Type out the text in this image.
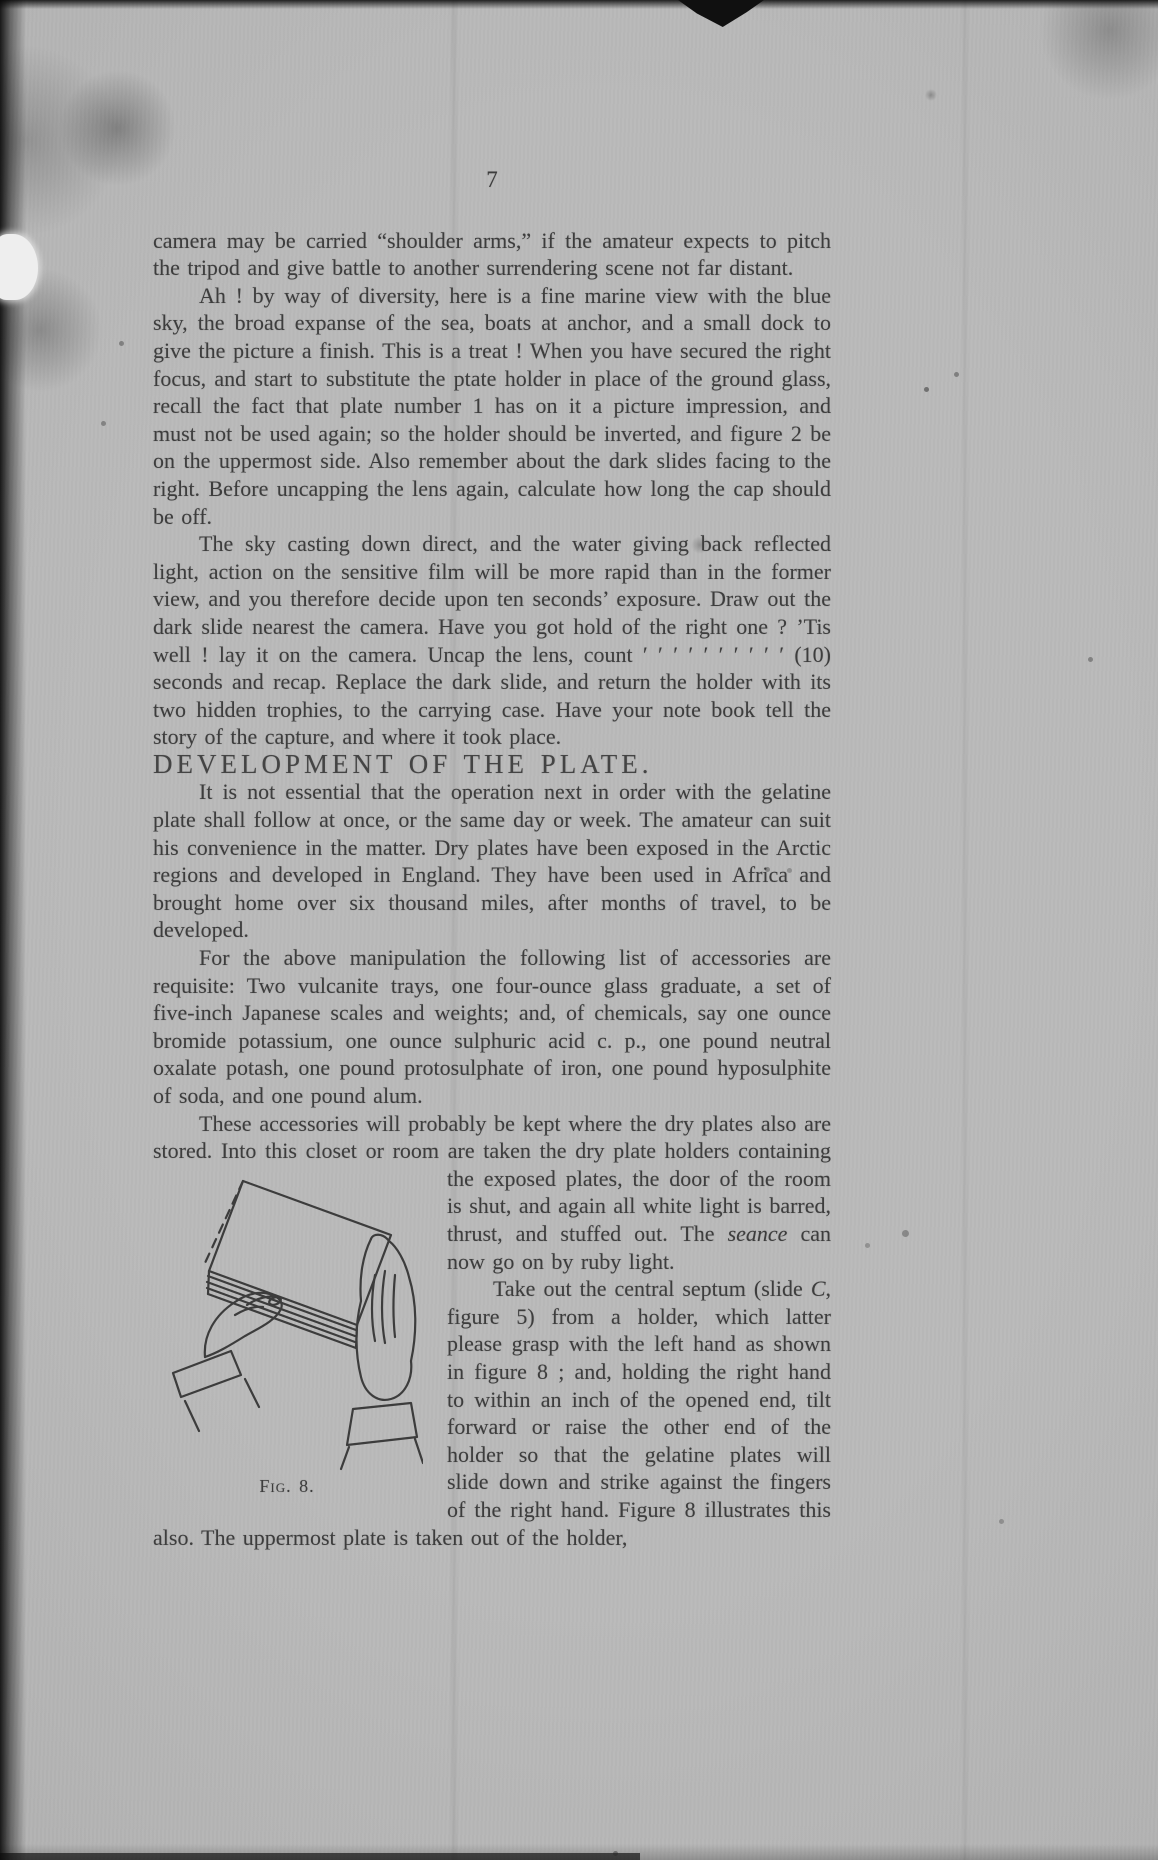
7

camera may be carried “shoulder arms,” if the amateur expects to pitch the tripod and give battle to another surrendering scene not far distant.

Ah ! by way of diversity, here is a fine marine view with the blue sky, the broad expanse of the sea, boats at anchor, and a small dock to give the picture a finish. This is a treat ! When you have secured the right focus, and start to substitute the ptate holder in place of the ground glass, recall the fact that plate number 1 has on it a picture impression, and must not be used again; so the holder should be inverted, and figure 2 be on the uppermost side. Also remember about the dark slides facing to the right. Before uncapping the lens again, calculate how long the cap should be off.

The sky casting down direct, and the water giving back reflected light, action on the sensitive film will be more rapid than in the former view, and you therefore decide upon ten seconds’ exposure. Draw out the dark slide nearest the camera. Have you got hold of the right one ? ’Tis well ! lay it on the camera. Uncap the lens, count ′ ′ ′ ′ ′ ′ ′ ′ ′ ′ (10) seconds and recap. Replace the dark slide, and return the holder with its two hidden trophies, to the carrying case. Have your note book tell the story of the capture, and where it took place.

DEVELOPMENT OF THE PLATE.

It is not essential that the operation next in order with the gelatine plate shall follow at once, or the same day or week. The amateur can suit his convenience in the matter. Dry plates have been exposed in the Arctic regions and developed in England. They have been used in Africa and brought home over six thousand miles, after months of travel, to be developed.

For the above manipulation the following list of accessories are requisite: Two vulcanite trays, one four-ounce glass graduate, a set of five-inch Japanese scales and weights; and, of chemicals, say one ounce bromide potassium, one ounce sulphuric acid c. p., one pound neutral oxalate potash, one pound protosulphate of iron, one pound hyposulphite of soda, and one pound alum.

These accessories will probably be kept where the dry plates also are stored. Into this closet or room are taken the dry plate
Fig. 8.
holders containing the exposed plates, the door of the room is shut, and again all white light is barred, thrust, and stuffed out. The seance can now go on by ruby light.

Take out the central septum (slide C, figure 5) from a holder, which latter please grasp with the left hand as shown in figure 8 ; and, holding the right hand to within an inch of the opened end, tilt forward or raise the other end of the holder so that the gelatine plates will slide down and strike against the fingers of the right hand. Figure 8 illustrates this also. The uppermost plate is taken out of the holder,
